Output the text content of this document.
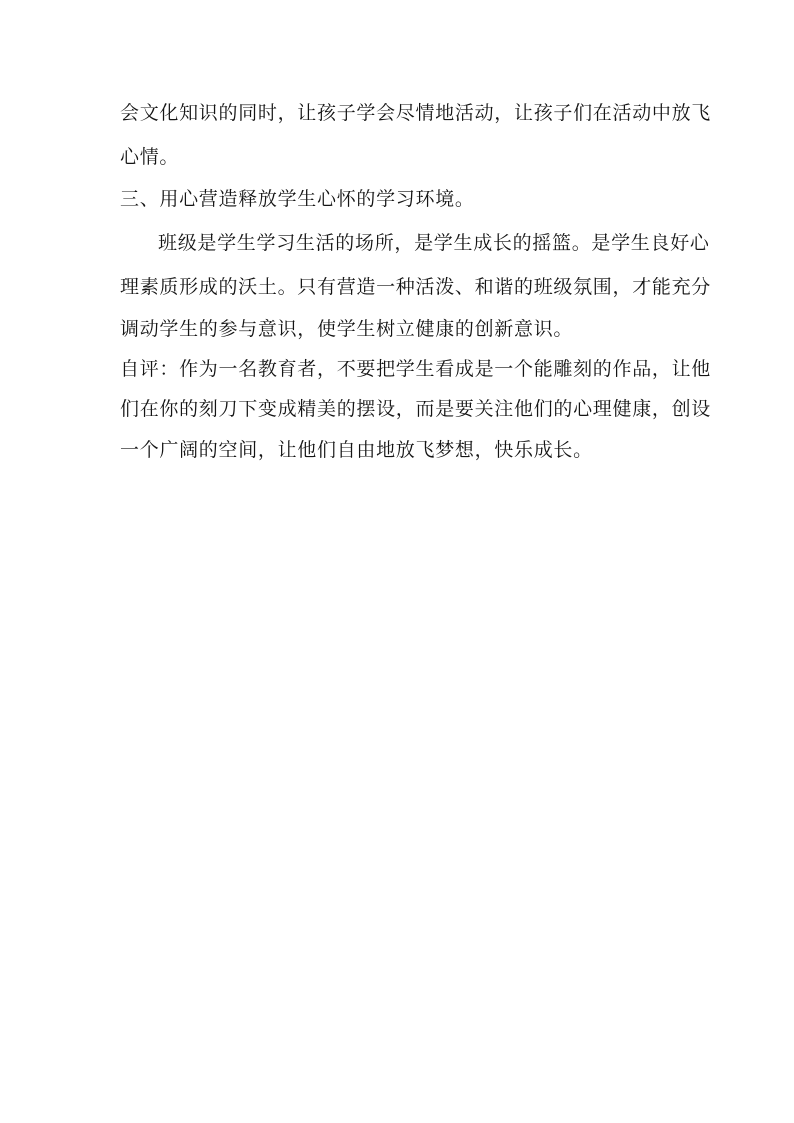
会文化知识的同时，让孩子学会尽情地活动，让孩子们在活动中放飞
心情。
三、用心营造释放学生心怀的学习环境。
班级是学生学习生活的场所，是学生成长的摇篮。是学生良好心
理素质形成的沃土。只有营造一种活泼、和谐的班级氛围，才能充分
调动学生的参与意识，使学生树立健康的创新意识。
自评：作为一名教育者，不要把学生看成是一个能雕刻的作品，让他
们在你的刻刀下变成精美的摆设，而是要关注他们的心理健康，创设
一个广阔的空间，让他们自由地放飞梦想，快乐成长。
